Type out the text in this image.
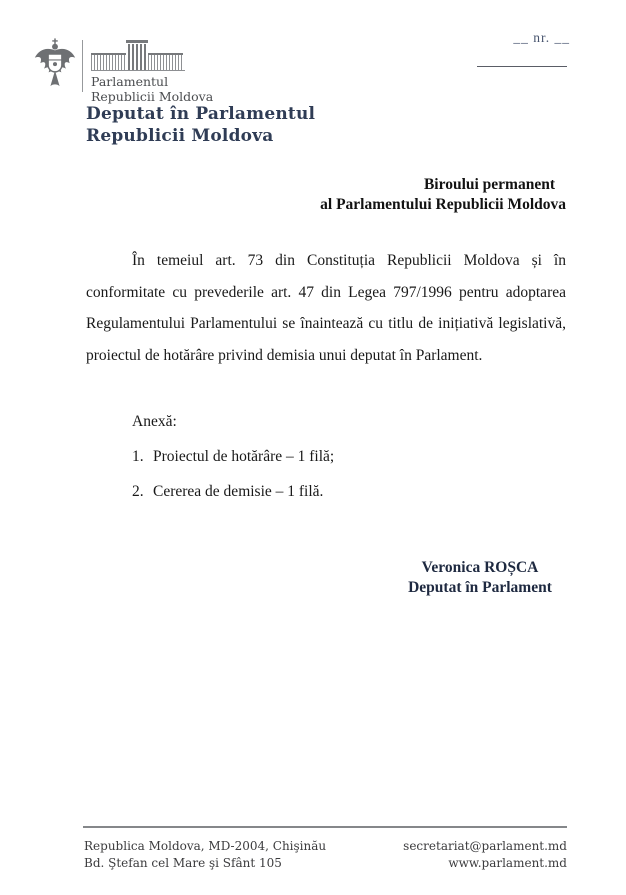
Parlamentul
Republicii Moldova
__ nr. __
Deputat în Parlamentul
Republicii Moldova
Biroului permanent
al Parlamentului Republicii Moldova
În temeiul art. 73 din Constituția Republicii Moldova și în conformitate cu prevederile art. 47 din Legea 797/1996 pentru adoptarea Regulamentului Parlamentului se înaintează cu titlu de inițiativă legislativă, proiectul de hotărâre privind demisia unui deputat în Parlament.
Anexă:
1. Proiectul de hotărâre – 1 filă;
2. Cererea de demisie – 1 filă.
Veronica ROȘCA
Deputat în Parlament
Republica Moldova, MD-2004, Chişinău
Bd. Ştefan cel Mare şi Sfânt 105
secretariat@parlament.md
www.parlament.md
